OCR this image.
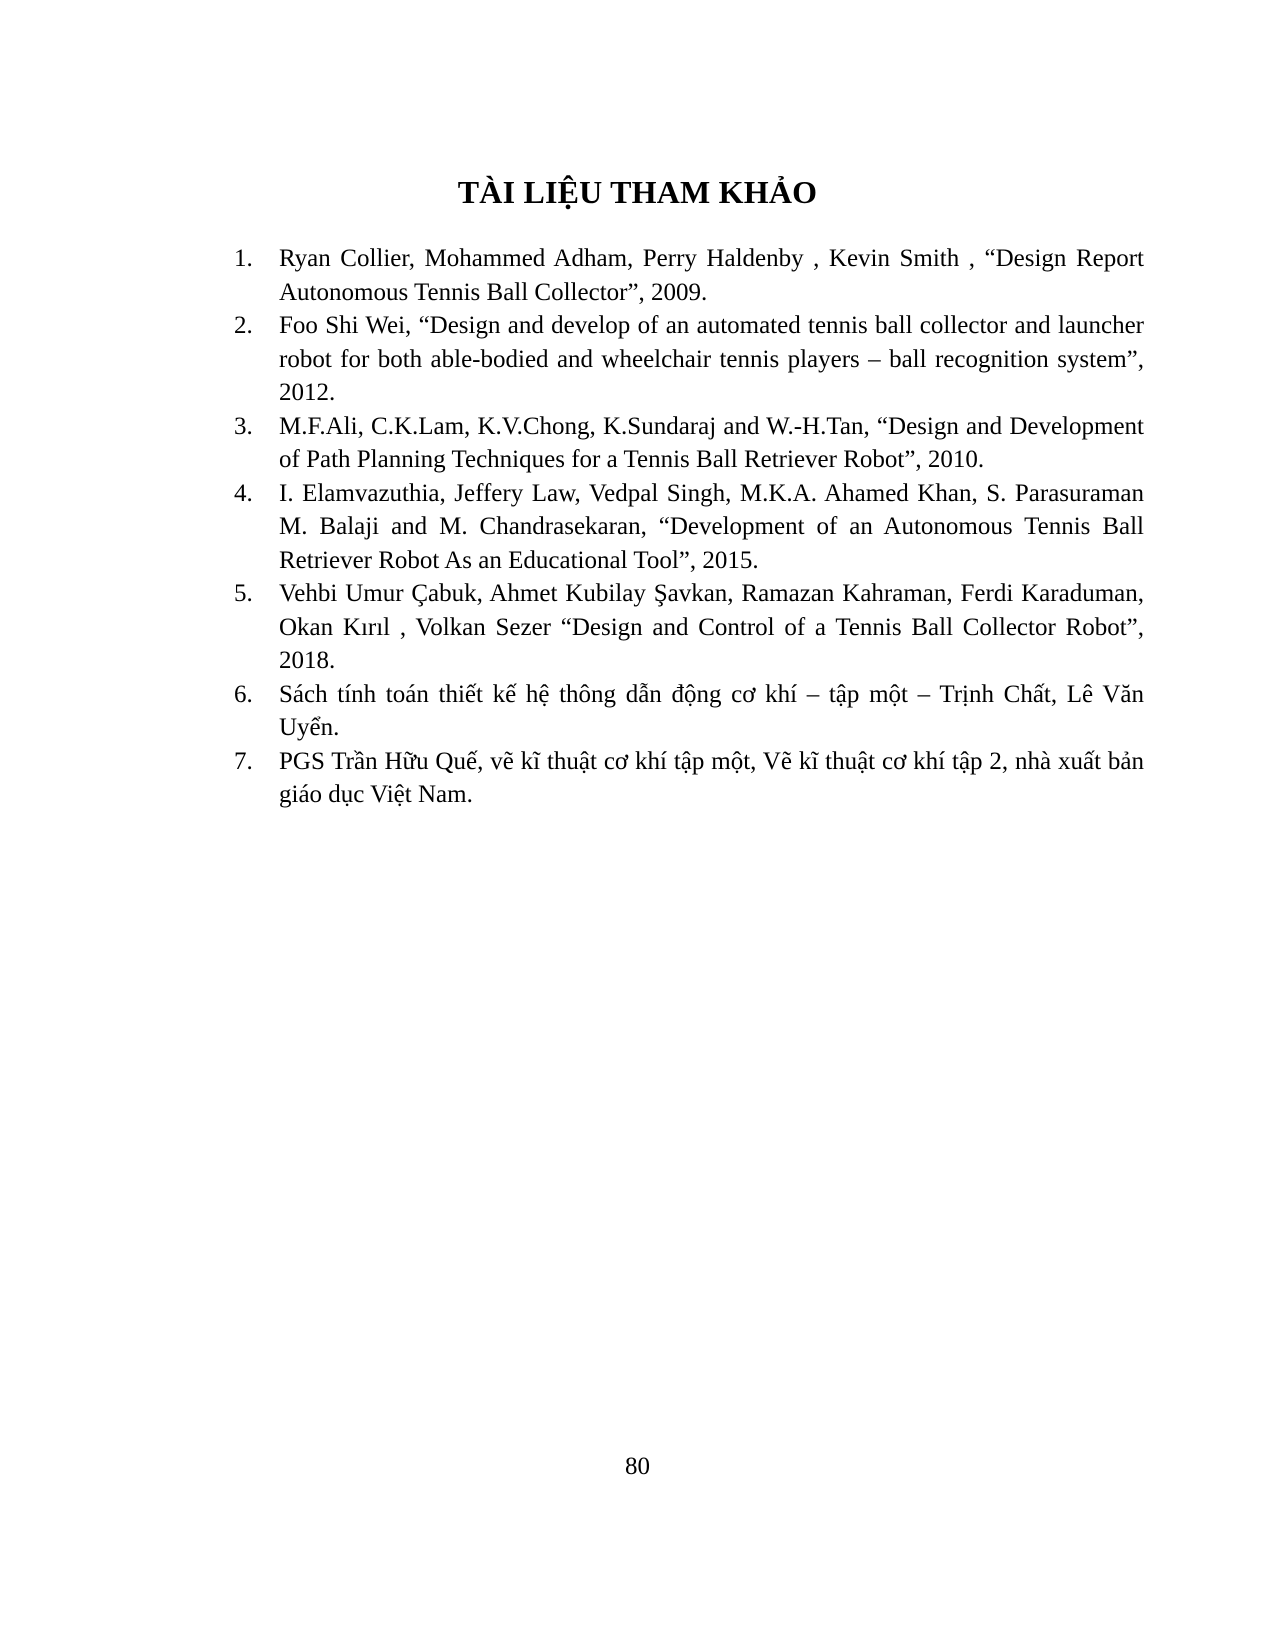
TÀI LIỆU THAM KHẢO
1.	Ryan Collier, Mohammed Adham, Perry Haldenby , Kevin Smith , “Design Report Autonomous Tennis Ball Collector”, 2009.
2.	Foo Shi Wei, “Design and develop of an automated tennis ball collector and launcher robot for both able-bodied and wheelchair tennis players – ball recognition system”, 2012.
3.	M.F.Ali, C.K.Lam, K.V.Chong, K.Sundaraj and W.-H.Tan, “Design and Development of Path Planning Techniques for a Tennis Ball Retriever Robot”, 2010.
4.	I. Elamvazuthia, Jeffery Law, Vedpal Singh, M.K.A. Ahamed Khan, S. Parasuraman M. Balaji and M. Chandrasekaran, “Development of an Autonomous Tennis Ball Retriever Robot As an Educational Tool”, 2015.
5.	Vehbi Umur Çabuk, Ahmet Kubilay Şavkan, Ramazan Kahraman, Ferdi Karaduman, Okan Kırıl , Volkan Sezer “Design and Control of a Tennis Ball Collector Robot”, 2018.
6.	Sách tính toán thiết kế hệ thông dẫn động cơ khí – tập một – Trịnh Chất, Lê Văn Uyển.
7.	PGS Trần Hữu Quế, vẽ kĩ thuật cơ khí tập một, Vẽ kĩ thuật cơ khí tập 2, nhà xuất bản giáo dục Việt Nam.
80
